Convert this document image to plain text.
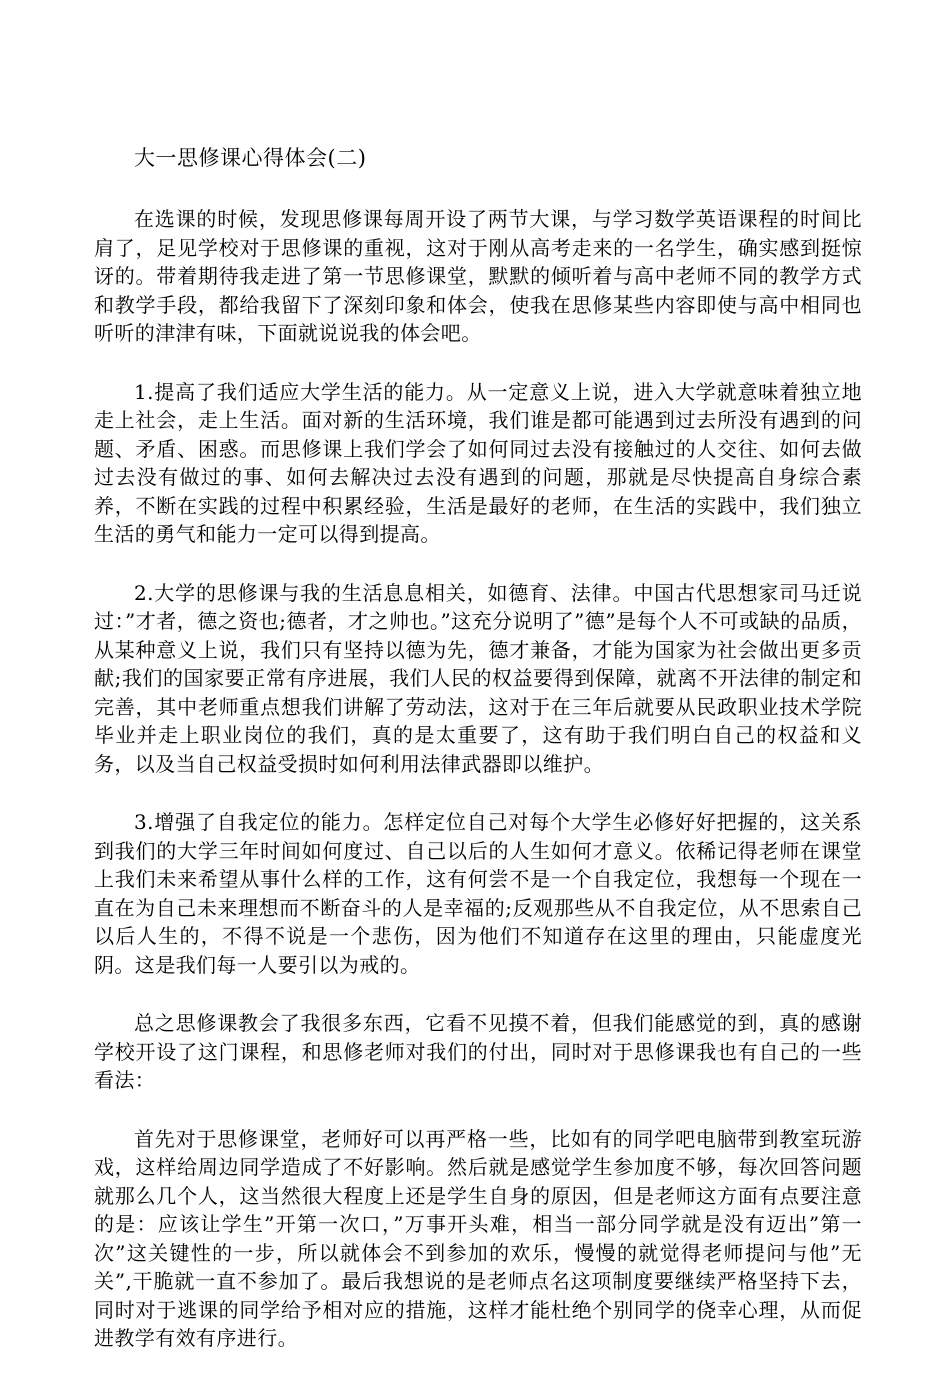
大一思修课心得体会(二)

在选课的时候，发现思修课每周开设了两节大课，与学习数学英语课程的时间比肩了，足见学校对于思修课的重视，这对于刚从高考走来的一名学生，确实感到挺惊讶的。带着期待我走进了第一节思修课堂，默默的倾听着与高中老师不同的教学方式和教学手段，都给我留下了深刻印象和体会，使我在思修某些内容即使与高中相同也听听的津津有味，下面就说说我的体会吧。

1.提高了我们适应大学生活的能力。从一定意义上说，进入大学就意味着独立地走上社会，走上生活。面对新的生活环境，我们谁是都可能遇到过去所没有遇到的问题、矛盾、困惑。而思修课上我们学会了如何同过去没有接触过的人交往、如何去做过去没有做过的事、如何去解决过去没有遇到的问题，那就是尽快提高自身综合素养，不断在实践的过程中积累经验，生活是最好的老师，在生活的实践中，我们独立生活的勇气和能力一定可以得到提高。

2.大学的思修课与我的生活息息相关，如德育、法律。中国古代思想家司马迁说过：”才者，德之资也;德者，才之帅也。”这充分说明了”德”是每个人不可或缺的品质，从某种意义上说，我们只有坚持以德为先，德才兼备，才能为国家为社会做出更多贡献;我们的国家要正常有序进展，我们人民的权益要得到保障，就离不开法律的制定和完善，其中老师重点想我们讲解了劳动法，这对于在三年后就要从民政职业技术学院毕业并走上职业岗位的我们，真的是太重要了，这有助于我们明白自己的权益和义务，以及当自己权益受损时如何利用法律武器即以维护。

3.增强了自我定位的能力。怎样定位自己对每个大学生必修好好把握的，这关系到我们的大学三年时间如何度过、自己以后的人生如何才意义。依稀记得老师在课堂上我们未来希望从事什么样的工作，这有何尝不是一个自我定位，我想每一个现在一直在为自己未来理想而不断奋斗的人是幸福的;反观那些从不自我定位，从不思索自己以后人生的，不得不说是一个悲伤，因为他们不知道存在这里的理由，只能虚度光阴。这是我们每一人要引以为戒的。

总之思修课教会了我很多东西，它看不见摸不着，但我们能感觉的到，真的感谢学校开设了这门课程，和思修老师对我们的付出，同时对于思修课我也有自己的一些看法：

首先对于思修课堂，老师好可以再严格一些，比如有的同学吧电脑带到教室玩游戏，这样给周边同学造成了不好影响。然后就是感觉学生参加度不够，每次回答问题就那么几个人，这当然很大程度上还是学生自身的原因，但是老师这方面有点要注意的是：应该让学生”开第一次口，”万事开头难，相当一部分同学就是没有迈出”第一次”这关键性的一步，所以就体会不到参加的欢乐，慢慢的就觉得老师提问与他”无关”,干脆就一直不参加了。最后我想说的是老师点名这项制度要继续严格坚持下去，同时对于逃课的同学给予相对应的措施，这样才能杜绝个别同学的侥幸心理，从而促进教学有效有序进行。
